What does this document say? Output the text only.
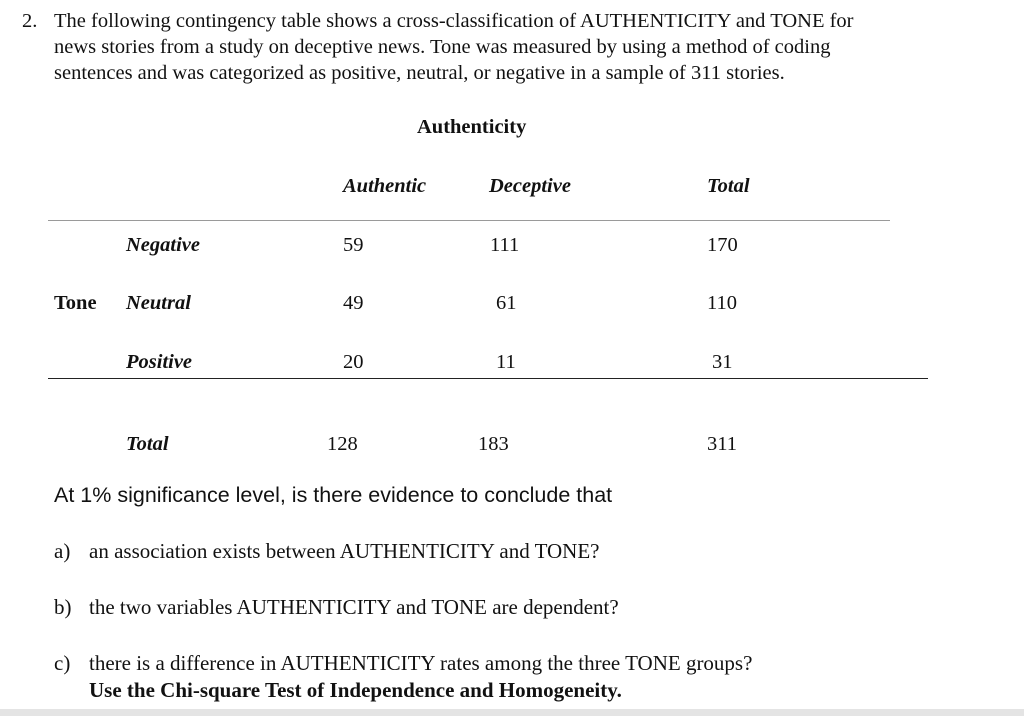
2. The following contingency table shows a cross-classification of AUTHENTICITY and TONE for
news stories from a study on deceptive news. Tone was measured by using a method of coding
sentences and was categorized as positive, neutral, or negative in a sample of 311 stories.
Authenticity
Authentic	Deceptive	Total
Negative	59	111	170
Tone Neutral	49	61	110
Positive	20	11	31
Total	128	183	311
At 1% significance level, is there evidence to conclude that
a) an association exists between AUTHENTICITY and TONE?
b) the two variables AUTHENTICITY and TONE are dependent?
c) there is a difference in AUTHENTICITY rates among the three TONE groups?
Use the Chi-square Test of Independence and Homogeneity.
